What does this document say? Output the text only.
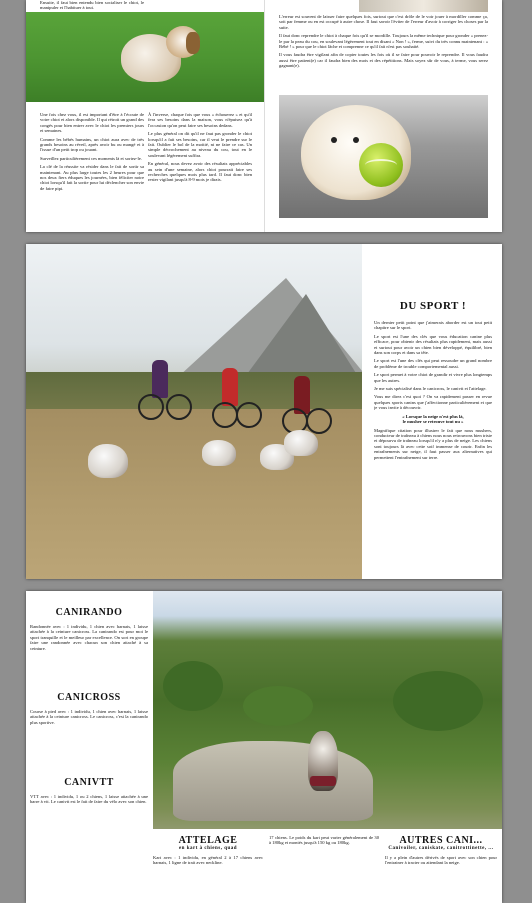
Ensuite, il faut bien entendu bien socialiser le chiot, le manipuler et l'habituer à tout.

Une fois chez vous, il est important d'être à l'écoute de votre chiot et alors disponible. Il qui rétroit un grand des congés pour bien entrer avec le chiot les premiers jours et semaines.

Comme les bébés humains, un chiot aura avec de très grands besoins au réveil, après avoir bu ou mangé et à l'issue d'un petit trop ou jouant.

Surveillez particulièrement ces moments là et sortez-le.

La clé de la réussite va résider dans le fait de sortir sa maintenant. Au plus large toutes les 2 heures pour que nos deux fiers éduques les journées, bien féliciter notre chiot lorsqu'il fait la sortie pour lui déclencher son envie de faire pipi.

À l'inverse, chaque fois que vous « échouerez » et qu'il fera ses besoins dans la maison, vous n'épuisez qu'à l'occasion qu'on peut faire ses besoins dedans.

Le plus général on dit qu'il ne faut pas gronder le chiot lorsqu'il a fait ses besoins, car il veut le prendre sur le fait. Oublier le bol de la moitié, ni ne faire ce cas. Un simple décrochement au niveau du cou, tout en le soulevant légèrement suffira.

En général, nous devez avoir des résultats appréciables au sein d'une semaine, alors chiot pourrait faire ses recherches quelques mois plus tard. Il faut donc bien rester vigilant jusqu'à 8-9 mois je dirais.

L'erreur est souvent de laisser faire quelques fois, surtout que c'est drôle de le voir jouer à mordiller comme ça, soit par femme ou en est occupé à autre chose. Il faut savoir l'éviter de l'erreur d'avoir à corriger les choses par la suite.

Il faut donc reprendre le chiot à chaque fois qu'il se mordille. Toujours la même technique pour gronder « prenez-le par la peau du cou, en soulevant légèrement tout en disant « Non ! », ferme, suivi du très connu maintenant : « Bébé ! » pour que le chiot lâche et comprenne ce qu'il fait n'est pas souhaité.

Il vous faudra être vigilant afin de copier toutes les fois où il se faire pour pouvoir le reprendre. Il vous faudra aussi être patient(e) car il faudra bien des mois et des répétitions. Mais soyez sûr de vous, à terme, vous serez gagnant(e).

DU SPORT !

Un dernier petit point que j'aimerais aborder est un tout petit chapitre sur le sport.

Le sport est l'une des clés que vous éducation canine plus efficace, pour obtenir des résultats plus rapidement, mais aussi et surtout pour avoir un chien bien développé, équilibré, bien dans son corps et dans sa tête.

Le sport est l'une des clés qui peut ressoudre un grand nombre de problème de trouble comportemental aussi.

Le sport permet à votre chiot de grandir et vivre plus longtemps que les autres.

Je me suis spécialisé dans le canicross, le canivtt et l'attelage.

Vous me direz c'est quoi ? On va rapidement passer en revue quelques sports canins que j'affectionne particulièrement et que je vous invite à découvrir.

« Lorsque la neige n'est plus là,
le musher se retrouve tout nu »

Magnifique citation pour illustrer le fait que nous mushers, conducteur de traîneau à chiens nous nous retrouvons bien triste et dépourvu de traîneau lorsqu'il n'y a plus de neige. Les chiens sont toujours là avec cette soif immense de courir. Enfin les entraînements sur neige, il faut passer aux alternatives qui permettent l'entraînement sur terre.

CANIRANDO
Randonnée avec : 1 individu, 1 chien avec harnais, 1 laisse attachée à la ceinture canicross. La canirando est pour moi le sport tranquille et le meilleur par excellence. On sort en groupe faire une randonnée avec chacun son chien attaché à sa ceinture.
CANICROSS
Course à pied avec : 1 individu, 1 chien avec harnais, 1 laisse attachée à la ceinture canicross. Le canicross, c'est la canirando plus sportive.
CANIVTT
VTT avec : 1 individu, 1 ou 2 chiens, 1 laisse attachée à une barre à vtt. Le canivtt est le fait de faire du vélo avec son chien.
ATTELAGE
en kart à chiens, quad
Kart avec : 1 individu, en général 2 à 17 chiens avec harnais, 1 ligne de trait avec neckline.
17 chiens. Le poids du kart peut varier généralement de 30 à 180kg et montés jusqu'à 150 kg ou 180kg.	AUTRES CANI...
Canivoiler, caniskate, canitrottinette, ...
Il y a plein d'autres dérivés de sport avec son chien pour l'entrainer à tracter ou attendant la neige.
